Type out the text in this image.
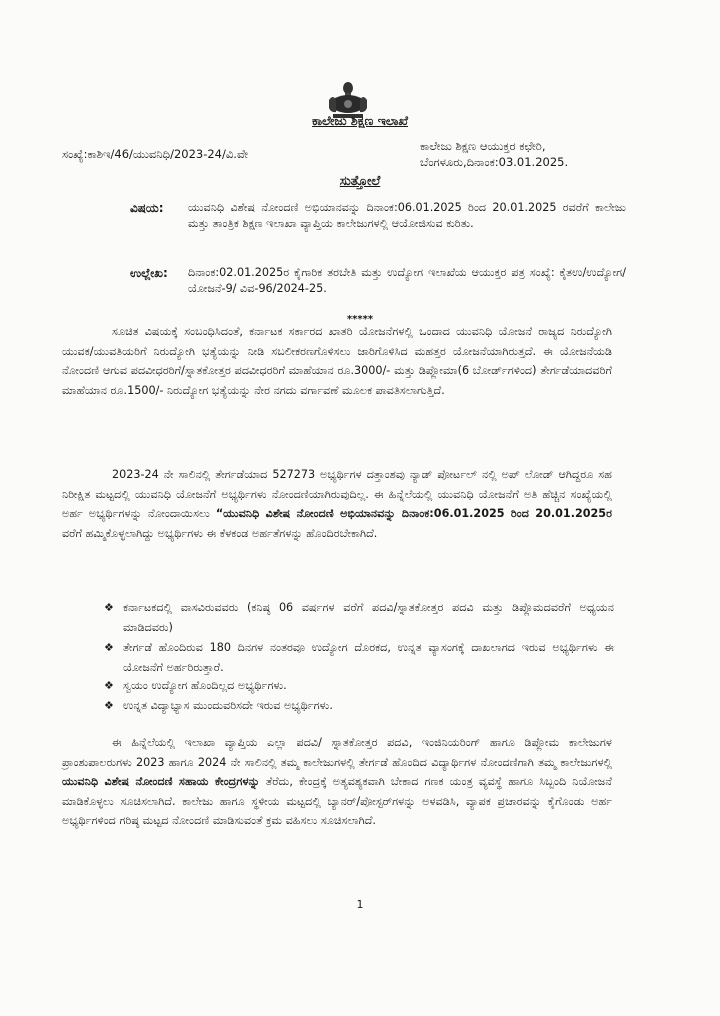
ಕಾಲೇಜು ಶಿಕ್ಷಣ ಇಲಾಖೆ
ಸಂಖ್ಯೆ:ಕಾಶಿಇ/46/ಯುವನಿಧಿ/2023-24/ವಿ.ವೇ
ಕಾಲೇಜು ಶಿಕ್ಷಣ ಆಯುಕ್ತರ ಕಛೇರಿ,
ಬೆಂಗಳೂರು,ದಿನಾಂಕ:03.01.2025.
ಸುತ್ತೋಲೆ
ವಿಷಯ:	ಯುವನಿಧಿ ವಿಶೇಷ ನೋಂದಣಿ ಅಭಿಯಾನವನ್ನು ದಿನಾಂಕ:06.01.2025 ರಿಂದ 20.01.2025 ರವರೆಗೆ ಕಾಲೇಜು ಮತ್ತು ತಾಂತ್ರಿಕ ಶಿಕ್ಷಣ ಇಲಾಖಾ ವ್ಯಾಪ್ತಿಯ ಕಾಲೇಜುಗಳಲ್ಲಿ ಆಯೋಜಿಸುವ ಕುರಿತು.
ಉಲ್ಲೇಖ:	ದಿನಾಂಕ:02.01.2025ರ ಕೈಗಾರಿಕ ತರಬೇತಿ ಮತ್ತು ಉದ್ಯೋಗ ಇಲಾಖೆಯ ಆಯುಕ್ತರ ಪತ್ರ ಸಂಖ್ಯೆ: ಕೈತಉ/ಉದ್ಯೋಗ/ಯೋಜನೆ-9/ ವಿವ-96/2024-25.
*****
ಸೂಚಿತ ವಿಷಯಕ್ಕೆ ಸಂಬಂಧಿಸಿದಂತೆ, ಕರ್ನಾಟಕ ಸರ್ಕಾರದ ಖಾತರಿ ಯೋಜನೆಗಳಲ್ಲಿ ಒಂದಾದ ಯುವನಿಧಿ ಯೋಜನೆ ರಾಜ್ಯದ ನಿರುದ್ಯೋಗಿ ಯುವಕ/ಯುವತಿಯರಿಗೆ ನಿರುದ್ಯೋಗಿ ಭತ್ಯೆಯನ್ನು ನೀಡಿ ಸಬಲೀಕರಣಗೊಳಿಸಲು ಜಾರಿಗೊಳಿಸಿದ ಮಹತ್ತರ ಯೋಜನೆಯಾಗಿರುತ್ತದೆ. ಈ ಯೋಜನೆಯಡಿ ನೋಂದಣಿ ಆಗುವ ಪದವೀಧರರಿಗೆ/ಸ್ನಾತಕೋತ್ತರ ಪದವೀಧರರಿಗೆ ಮಾಹೆಯಾನ ರೂ.3000/- ಮತ್ತು ಡಿಪ್ಲೋಮಾ(6 ಬೋರ್ಡ್‌ಗಳಿಂದ) ತೇರ್ಗಡೆಯಾದವರಿಗೆ ಮಾಹೆಯಾನ ರೂ.1500/- ನಿರುದ್ಯೋಗ ಭತ್ಯೆಯನ್ನು ನೇರ ನಗದು ವರ್ಗಾವಣೆ ಮೂಲಕ ಪಾವತಿಸಲಾಗುತ್ತಿದೆ.
2023-24 ನೇ ಸಾಲಿನಲ್ಲಿ ತೇರ್ಗಡೆಯಾದ 527273 ಅಭ್ಯರ್ಥಿಗಳ ದತ್ತಾಂಶವು ನ್ಯಾಡ್ ಪೋರ್ಟಲ್ ನಲ್ಲಿ ಅಪ್ ಲೋಡ್ ಆಗಿದ್ದರೂ ಸಹ ನಿರೀಕ್ಷಿತ ಮಟ್ಟದಲ್ಲಿ ಯುವನಿಧಿ ಯೋಜನೆಗೆ ಅಭ್ಯರ್ಥಿಗಳು ನೋಂದಣಿಯಾಗಿರುವುದಿಲ್ಲ. ಈ ಹಿನ್ನೆಲೆಯಲ್ಲಿ ಯುವನಿಧಿ ಯೋಜನೆಗೆ ಅತಿ ಹೆಚ್ಚಿನ ಸಂಖ್ಯೆಯಲ್ಲಿ ಅರ್ಹ ಅಭ್ಯರ್ಥಿಗಳನ್ನು ನೋಂದಾಯಿಸಲು “ಯುವನಿಧಿ ವಿಶೇಷ ನೋಂದಣಿ ಅಭಿಯಾನವನ್ನು ದಿನಾಂಕ:06.01.2025 ರಿಂದ 20.01.2025ರ ವರೆಗೆ ಹಮ್ಮಿಕೊಳ್ಳಲಾಗಿದ್ದು ಅಭ್ಯರ್ಥಿಗಳು ಈ ಕೆಳಕಂಡ ಅರ್ಹತೆಗಳನ್ನು ಹೊಂದಿರಬೇಕಾಗಿದೆ.
❖ ಕರ್ನಾಟಕದಲ್ಲಿ ವಾಸವಿರುವವರು (ಕನಿಷ್ಠ 06 ವರ್ಷಗಳ ವರೆಗೆ ಪದವಿ/ಸ್ನಾತಕೋತ್ತರ ಪದವಿ ಮತ್ತು ಡಿಪ್ಲೊಮದವರೆಗೆ ಅಧ್ಯಯನ ಮಾಡಿದವರು)
❖ ತೇರ್ಗಡೆ ಹೊಂದಿರುವ 180 ದಿನಗಳ ನಂತರವೂ ಉದ್ಯೋಗ ದೊರಕದ, ಉನ್ನತ ವ್ಯಾಸಂಗಕ್ಕೆ ದಾಖಲಾಗದ ಇರುವ ಅಭ್ಯರ್ಥಿಗಳು ಈ ಯೋಜನೆಗೆ ಅರ್ಹರಿರುತ್ತಾರೆ.
❖ ಸ್ವಯಂ ಉದ್ಯೋಗ ಹೊಂದಿಲ್ಲದ ಅಭ್ಯರ್ಥಿಗಳು.
❖ ಉನ್ನತ ವಿದ್ಯಾಭ್ಯಾಸ ಮುಂದುವರಿಸದೇ ಇರುವ ಅಭ್ಯರ್ಥಿಗಳು.
ಈ ಹಿನ್ನೆಲೆಯಲ್ಲಿ ಇಲಾಖಾ ವ್ಯಾಪ್ತಿಯ ಎಲ್ಲಾ ಪದವಿ/ ಸ್ನಾತಕೋತ್ತರ ಪದವಿ, ಇಂಜಿನಿಯರಿಂಗ್ ಹಾಗೂ ಡಿಪ್ಲೋಮ ಕಾಲೇಜುಗಳ ಪ್ರಾಂಶುಪಾಲರುಗಳು 2023 ಹಾಗೂ 2024 ನೇ ಸಾಲಿನಲ್ಲಿ ತಮ್ಮ ಕಾಲೇಜುಗಳಲ್ಲಿ ತೇರ್ಗಡೆ ಹೊಂದಿದ ವಿದ್ಯಾರ್ಥಿಗಳ ನೋಂದಣಿಗಾಗಿ ತಮ್ಮ ಕಾಲೇಜುಗಳಲ್ಲಿ ಯುವನಿಧಿ ವಿಶೇಷ ನೋಂದಣಿ ಸಹಾಯ ಕೇಂದ್ರಗಳನ್ನು ತೆರೆದು, ಕೇಂದ್ರಕ್ಕೆ ಅತ್ಯವಶ್ಯಕವಾಗಿ ಬೇಕಾದ ಗಣಕ ಯಂತ್ರ ವ್ಯವಸ್ಥೆ ಹಾಗೂ ಸಿಬ್ಬಂದಿ ನಿಯೋಜನೆ ಮಾಡಿಕೊಳ್ಳಲು ಸೂಚಿಸಲಾಗಿದೆ. ಕಾಲೇಜು ಹಾಗೂ ಸ್ಥಳೀಯ ಮಟ್ಟದಲ್ಲಿ ಬ್ಯಾನರ್/ಪೋಸ್ಟರ್‌ಗಳನ್ನು ಅಳವಡಿಸಿ, ವ್ಯಾಪಕ ಪ್ರಚಾರವನ್ನು ಕೈಗೊಂಡು ಅರ್ಹ ಅಭ್ಯರ್ಥಿಗಳಿಂದ ಗರಿಷ್ಠ ಮಟ್ಟದ ನೋಂದಣಿ ಮಾಡಿಸುವಂತೆ ಕ್ರಮ ವಹಿಸಲು ಸೂಚಿಸಲಾಗಿದೆ.
1
